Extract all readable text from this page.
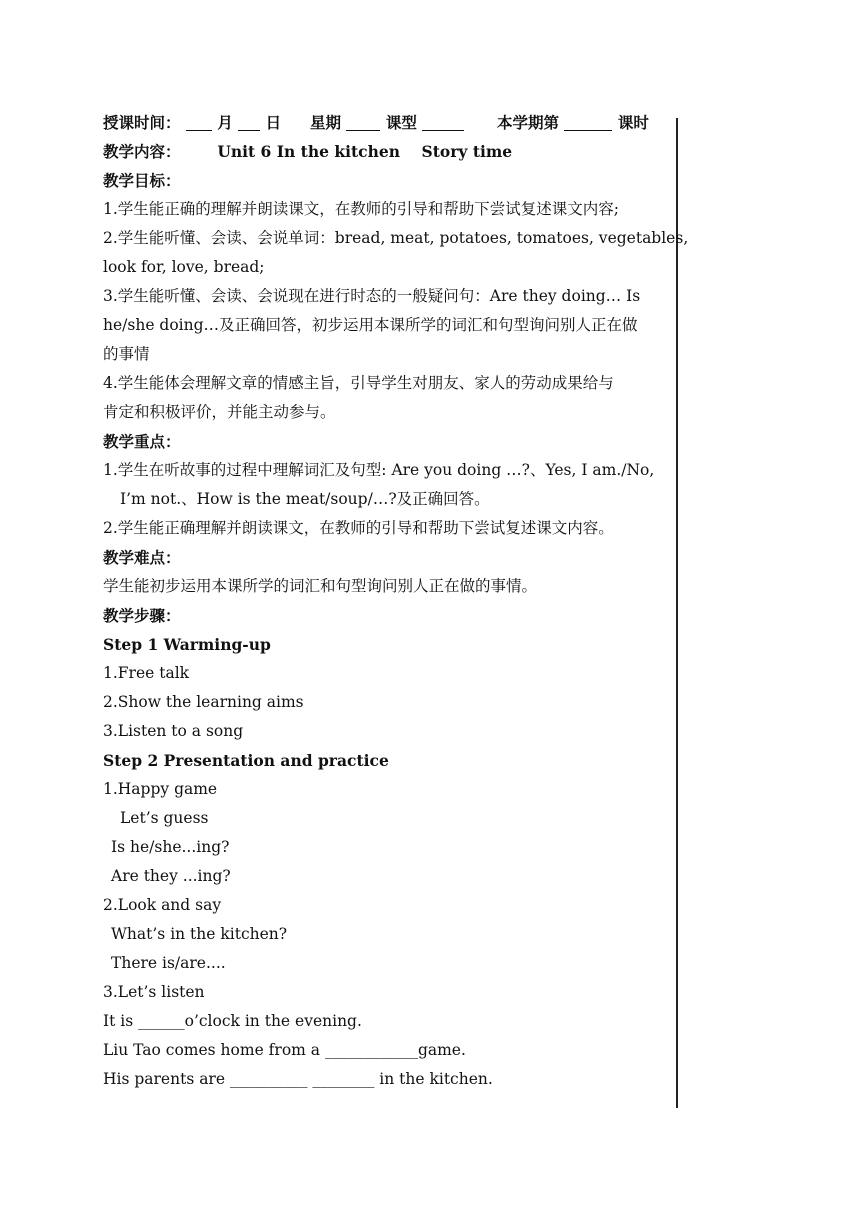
授课时间： 月 日 星期	课型	本学期第	课时
教学内容： Unit 6 In the kitchen    Story time
教学目标：
1.学生能正确的理解并朗读课文，在教师的引导和帮助下尝试复述课文内容;
2.学生能听懂、会读、会说单词：bread, meat, potatoes, tomatoes, vegetables,
look for, love, bread;
3.学生能听懂、会读、会说现在进行时态的一般疑问句：Are they doing… Is
he/she doing…及正确回答，初步运用本课所学的词汇和句型询问别人正在做
的事情
4.学生能体会理解文章的情感主旨，引导学生对朋友、家人的劳动成果给与
肯定和积极评价，并能主动参与。
教学重点：
1.学生在听故事的过程中理解词汇及句型: Are you doing …?、Yes, I am./No,
I’m not.、How is the meat/soup/…?及正确回答。
2.学生能正确理解并朗读课文，在教师的引导和帮助下尝试复述课文内容。
教学难点：
学生能初步运用本课所学的词汇和句型询问别人正在做的事情。
教学步骤：
Step 1 Warming-up
1.Free talk
2.Show the learning aims
3.Listen to a song
Step 2 Presentation and practice
1.Happy game
Let’s guess
Is he/she...ing?
Are they ...ing?
2.Look and say
What’s in the kitchen?
There is/are....
3.Let’s listen
It is ______o’clock in the evening.
Liu Tao comes home from a ____________game.
His parents are __________ ________ in the kitchen.
